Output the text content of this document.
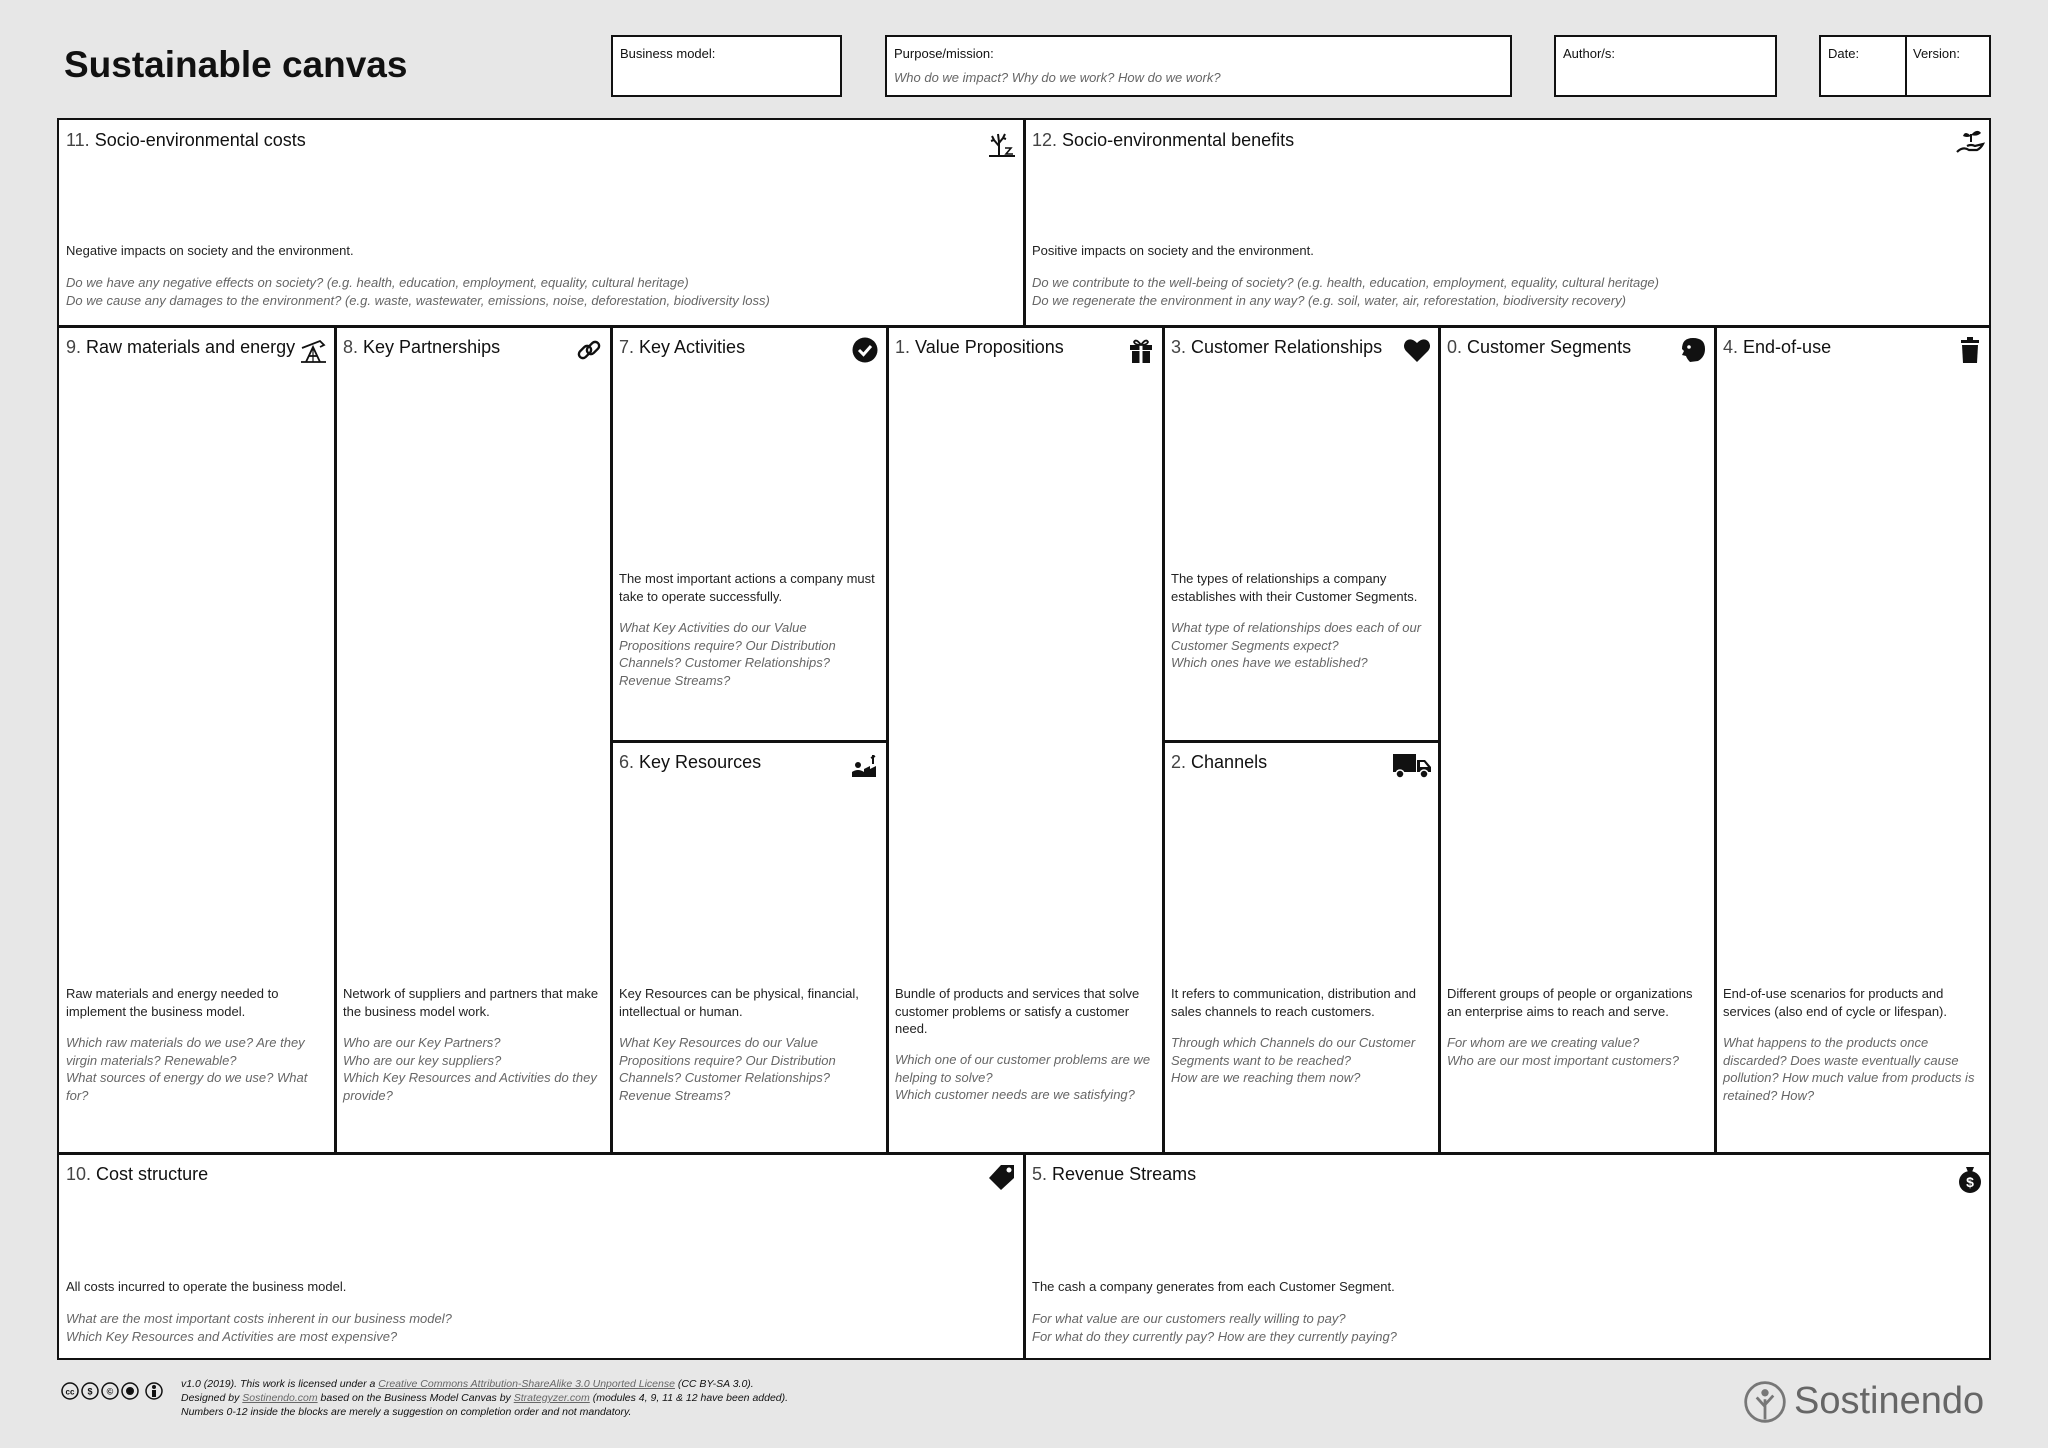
Sustainable canvas	Business model:	Purpose/mission:
Who do we impact? Why do we work? How do we work?
Author/s:	Date:	Version:
11. Socio-environmental costs
Negative impacts on society and the environment.
Do we have any negative effects on society? (e.g. health, education, employment, equality, cultural heritage)
Do we cause any damages to the environment? (e.g. waste, wastewater, emissions, noise, deforestation, biodiversity loss)
12. Socio-environmental benefits
Positive impacts on society and the environment.
Do we contribute to the well-being of society? (e.g. health, education, employment, equality, cultural heritage)
Do we regenerate the environment in any way? (e.g. soil, water, air, reforestation, biodiversity recovery)
9. Raw materials and energy
Raw materials and energy needed to implement the business model.
Which raw materials do we use? Are they virgin materials? Renewable?
What sources of energy do we use? What for?
8. Key Partnerships
Network of suppliers and partners that make the business model work.
Who are our Key Partners?
Who are our key suppliers?
Which Key Resources and Activities do they provide?
7. Key Activities
The most important actions a company must take to operate successfully.
What Key Activities do our Value Propositions require? Our Distribution Channels? Customer Relationships? Revenue Streams?
6. Key Resources
Key Resources can be physical, financial, intellectual or human.
What Key Resources do our Value Propositions require? Our Distribution Channels? Customer Relationships? Revenue Streams?
1. Value Propositions
Bundle of products and services that solve customer problems or satisfy a customer need.
Which one of our customer problems are we helping to solve?
Which customer needs are we satisfying?
3. Customer Relationships
The types of relationships a company establishes with their Customer Segments.
What type of relationships does each of our Customer Segments expect?
Which ones have we established?
2. Channels
It refers to communication, distribution and sales channels to reach customers.
Through which Channels do our Customer Segments want to be reached?
How are we reaching them now?
0. Customer Segments
Different groups of people or organizations an enterprise aims to reach and serve.
For whom are we creating value?
Who are our most important customers?
4. End-of-use
End-of-use scenarios for products and services (also end of cycle or lifespan).
What happens to the products once discarded? Does waste eventually cause pollution? How much value from products is retained? How?
10. Cost structure
All costs incurred to operate the business model.
What are the most important costs inherent in our business model?
Which Key Resources and Activities are most expensive?
5. Revenue Streams	$
The cash a company generates from each Customer Segment.
For what value are our customers really willing to pay?
For what do they currently pay? How are they currently paying?
cc $ ©
v1.0 (2019). This work is licensed under a Creative Commons Attribution-ShareAlike 3.0 Unported License (CC BY-SA 3.0).
Designed by Sostinendo.com based on the Business Model Canvas by Strategyzer.com (modules 4, 9, 11 & 12 have been added).
Numbers 0-12 inside the blocks are merely a suggestion on completion order and not mandatory.	Sostinendo
